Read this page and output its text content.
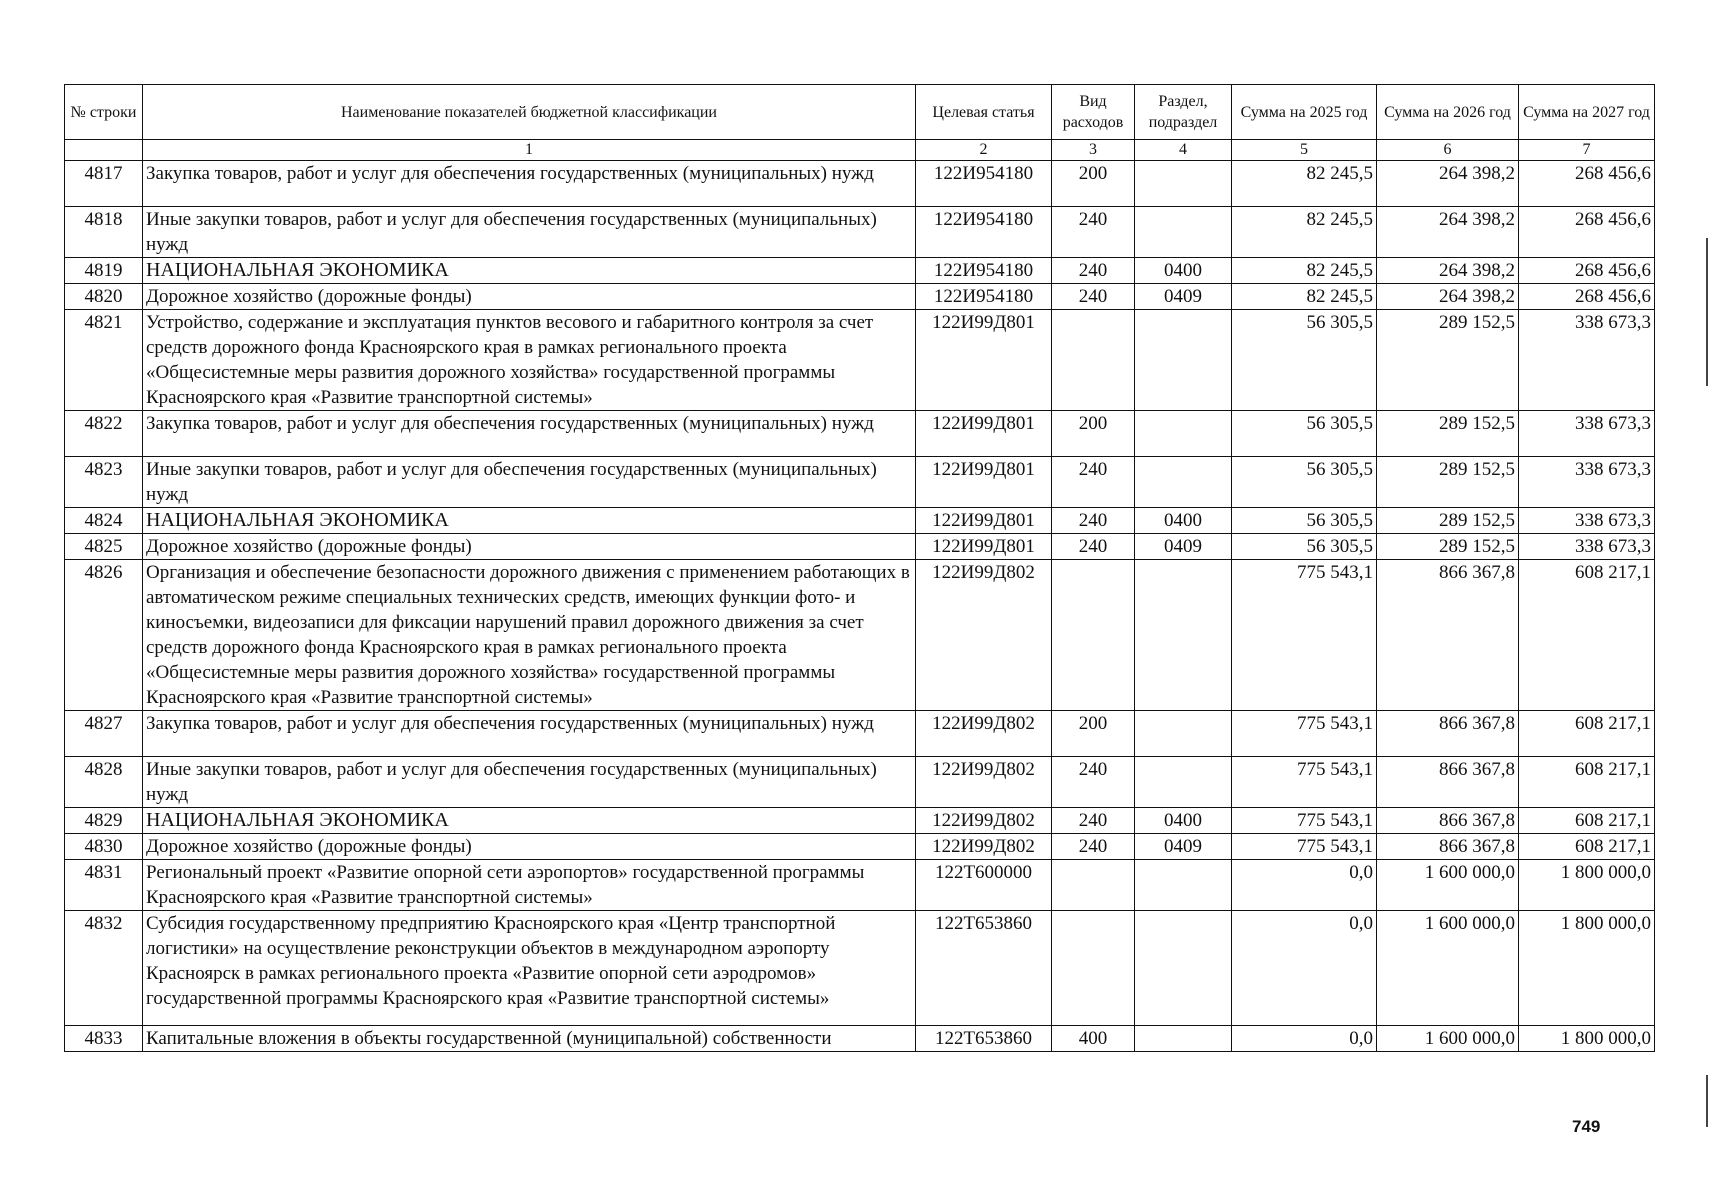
№ строки	Наименование показателей бюджетной классификации	Целевая статья	Вид расходов	Раздел, подраздел	Сумма на 2025 год	Сумма на 2026 год	Сумма на 2027 год
	1	2	3	4	5	6	7
4817	Закупка товаров, работ и услуг для обеспечения государственных (муниципальных) нужд	122И954180	200		82 245,5	264 398,2	268 456,6
4818	Иные закупки товаров, работ и услуг для обеспечения государственных (муниципальных) нужд	122И954180	240		82 245,5	264 398,2	268 456,6
4819	НАЦИОНАЛЬНАЯ ЭКОНОМИКА	122И954180	240	0400	82 245,5	264 398,2	268 456,6
4820	Дорожное хозяйство (дорожные фонды)	122И954180	240	0409	82 245,5	264 398,2	268 456,6
4821	Устройство, содержание и эксплуатация пунктов весового и габаритного контроля за счет средств дорожного фонда Красноярского края в рамках регионального проекта «Общесистемные меры развития дорожного хозяйства» государственной программы Красноярского края «Развитие транспортной системы»	122И99Д801			56 305,5	289 152,5	338 673,3
4822	Закупка товаров, работ и услуг для обеспечения государственных (муниципальных) нужд	122И99Д801	200		56 305,5	289 152,5	338 673,3
4823	Иные закупки товаров, работ и услуг для обеспечения государственных (муниципальных) нужд	122И99Д801	240		56 305,5	289 152,5	338 673,3
4824	НАЦИОНАЛЬНАЯ ЭКОНОМИКА	122И99Д801	240	0400	56 305,5	289 152,5	338 673,3
4825	Дорожное хозяйство (дорожные фонды)	122И99Д801	240	0409	56 305,5	289 152,5	338 673,3
4826	Организация и обеспечение безопасности дорожного движения с применением работающих в автоматическом режиме специальных технических средств, имеющих функции фото- и киносъемки, видеозаписи для фиксации нарушений правил дорожного движения за счет средств дорожного фонда Красноярского края в рамках регионального проекта «Общесистемные меры развития дорожного хозяйства» государственной программы Красноярского края «Развитие транспортной системы»	122И99Д802			775 543,1	866 367,8	608 217,1
4827	Закупка товаров, работ и услуг для обеспечения государственных (муниципальных) нужд	122И99Д802	200		775 543,1	866 367,8	608 217,1
4828	Иные закупки товаров, работ и услуг для обеспечения государственных (муниципальных) нужд	122И99Д802	240		775 543,1	866 367,8	608 217,1
4829	НАЦИОНАЛЬНАЯ ЭКОНОМИКА	122И99Д802	240	0400	775 543,1	866 367,8	608 217,1
4830	Дорожное хозяйство (дорожные фонды)	122И99Д802	240	0409	775 543,1	866 367,8	608 217,1
4831	Региональный проект «Развитие опорной сети аэропортов» государственной программы Красноярского края «Развитие транспортной системы»	122Т600000			0,0	1 600 000,0	1 800 000,0
4832	Субсидия государственному предприятию Красноярского края «Центр транспортной логистики» на осуществление реконструкции объектов в международном аэропорту Красноярск в рамках регионального проекта «Развитие опорной сети аэродромов» государственной программы Красноярского края «Развитие транспортной системы»	122Т653860			0,0	1 600 000,0	1 800 000,0
4833	Капитальные вложения в объекты государственной (муниципальной) собственности	122Т653860	400		0,0	1 600 000,0	1 800 000,0
749
